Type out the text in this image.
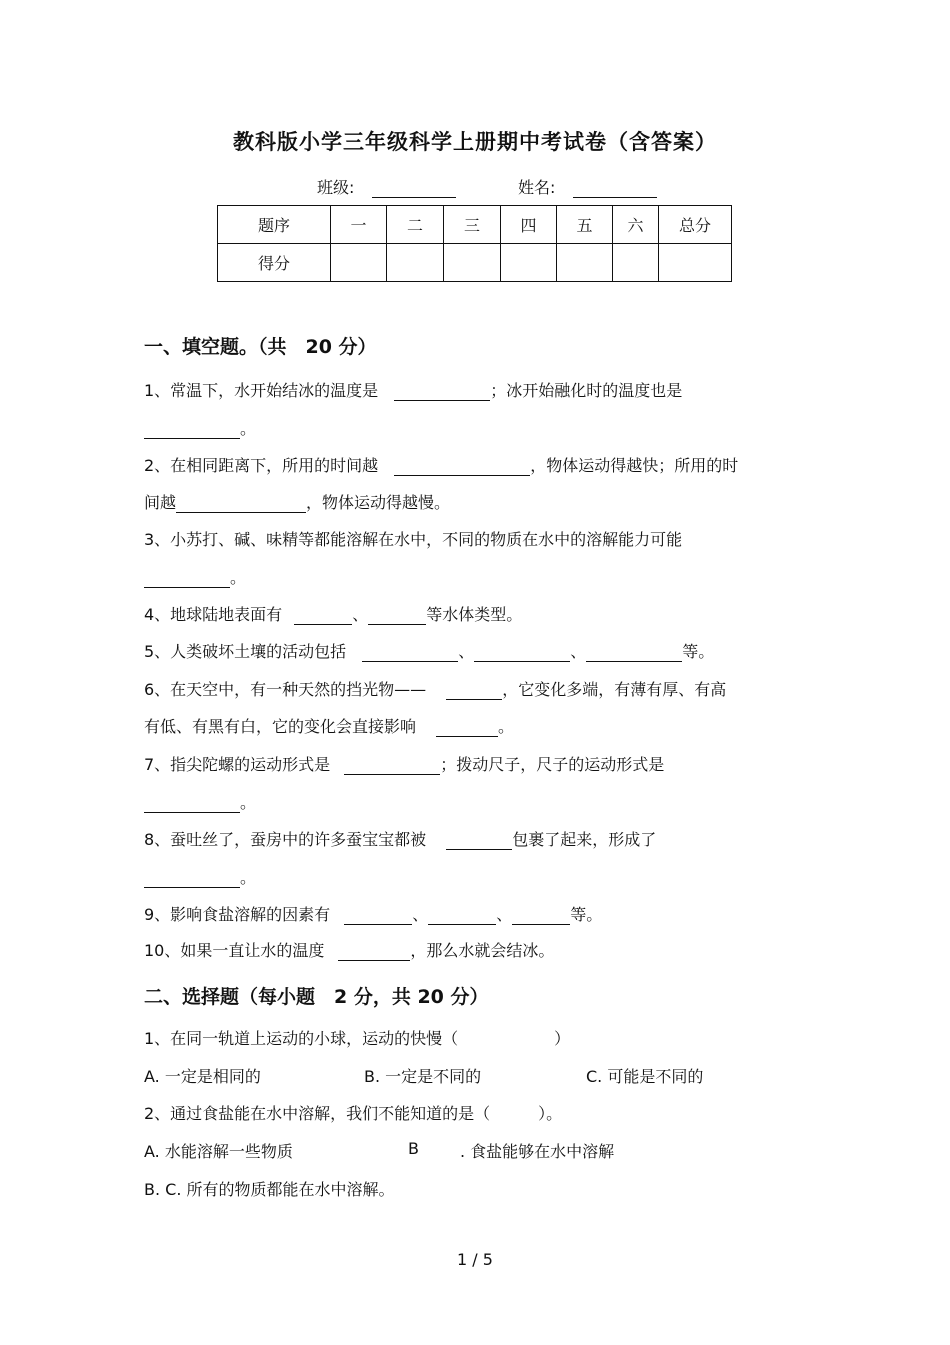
教科版小学三年级科学上册期中考试卷（含答案）
班级:	姓名:
题序	一	二	三	四	五	六	总分
得分							
一、填空题。（共　20 分）
1、常温下，水开始结冰的温度是	；冰开始融化时的温度也是
。
2、在相同距离下，所用的时间越	，物体运动得越快；所用的时
间越	，物体运动得越慢。
3、小苏打、碱、味精等都能溶解在水中，不同的物质在水中的溶解能力可能
。
4、地球陆地表面有	、	等水体类型。
5、人类破坏土壤的活动包括	、	、	等。
6、在天空中，有一种天然的挡光物——	，它变化多端，有薄有厚、有高
有低、有黑有白，它的变化会直接影响	。
7、指尖陀螺的运动形式是	；拨动尺子，尺子的运动形式是
。
8、蚕吐丝了，蚕房中的许多蚕宝宝都被	包裹了起来，形成了
。
9、影响食盐溶解的因素有	、	、	等。
10、如果一直让水的温度	，那么水就会结冰。
二、选择题（每小题　2 分，共 20 分）
1、在同一轨道上运动的小球，运动的快慢（　　　　　　）
A. 一定是相同的	B. 一定是不同的	C. 可能是不同的
2、通过食盐能在水中溶解，我们不能知道的是（　　　）。
A. 水能溶解一些物质	B	. 食盐能够在水中溶解
B. C. 所有的物质都能在水中溶解。
1 / 5
